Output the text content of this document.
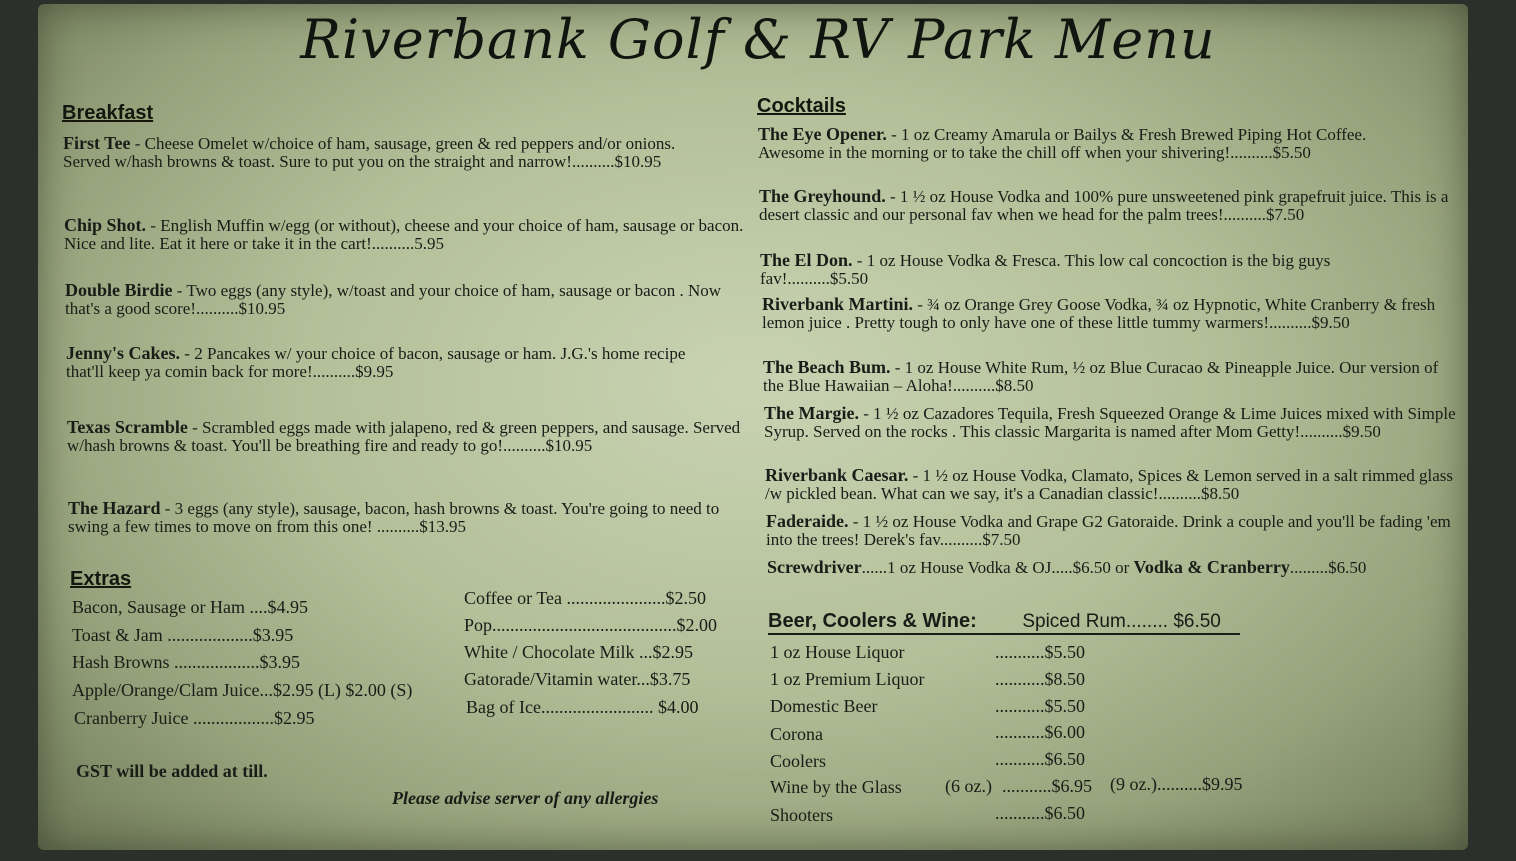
Riverbank Golf & RV Park Menu
Breakfast
First Tee - Cheese Omelet w/choice of ham, sausage, green & red peppers and/or onions. Served w/hash browns & toast. Sure to put you on the straight and narrow!..........$10.95
Chip Shot. - English Muffin w/egg (or without), cheese and your choice of ham, sausage or bacon. Nice and lite. Eat it here or take it in the cart!..........5.95
Double Birdie - Two eggs (any style), w/toast and your choice of ham, sausage or bacon . Now that's a good score!..........$10.95
Jenny's Cakes. - 2 Pancakes w/ your choice of bacon, sausage or ham. J.G.'s home recipe that'll keep ya comin back for more!..........$9.95
Texas Scramble - Scrambled eggs made with jalapeno, red & green peppers, and sausage. Served w/hash browns & toast. You'll be breathing fire and ready to go!..........$10.95
The Hazard - 3 eggs (any style), sausage, bacon, hash browns & toast. You're going to need to swing a few times to move on from this one! ..........$13.95
Extras
Bacon, Sausage or Ham ....$4.95
Toast & Jam ...................$3.95
Hash Browns ...................$3.95
Apple/Orange/Clam Juice...$2.95 (L) $2.00 (S)
Cranberry Juice ..................$2.95
Coffee or Tea ......................$2.50
Pop.........................................$2.00
White / Chocolate Milk ...$2.95
Gatorade/Vitamin water...$3.75
Bag of Ice......................... $4.00
GST will be added at till.
Please advise server of any allergies
Cocktails
The Eye Opener. - 1 oz Creamy Amarula or Bailys & Fresh Brewed Piping Hot Coffee. Awesome in the morning or to take the chill off when your shivering!..........$5.50
The Greyhound. - 1 ½ oz House Vodka and 100% pure unsweetened pink grapefruit juice. This is a desert classic and our personal fav when we head for the palm trees!..........$7.50
The El Don. - 1 oz House Vodka & Fresca. This low cal concoction is the big guys fav!..........$5.50
Riverbank Martini. - ¾ oz Orange Grey Goose Vodka, ¾ oz Hypnotic, White Cranberry & fresh lemon juice . Pretty tough to only have one of these little tummy warmers!..........$9.50
The Beach Bum. - 1 oz House White Rum, ½ oz Blue Curacao & Pineapple Juice. Our version of the Blue Hawaiian – Aloha!..........$8.50
The Margie. - 1 ½ oz Cazadores Tequila, Fresh Squeezed Orange & Lime Juices mixed with Simple Syrup. Served on the rocks . This classic Margarita is named after Mom Getty!..........$9.50
Riverbank Caesar. - 1 ½ oz House Vodka, Clamato, Spices & Lemon served in a salt rimmed glass /w pickled bean. What can we say, it's a Canadian classic!..........$8.50
Faderaide. - 1 ½ oz House Vodka and Grape G2 Gatoraide. Drink a couple and you'll be fading 'em into the trees! Derek's fav..........$7.50
Screwdriver......1 oz House Vodka & OJ.....$6.50 or Vodka & Cranberry.........$6.50
Beer, Coolers & Wine: Spiced Rum........ $6.50
1 oz House Liquor	...........$5.50
1 oz Premium Liquor	...........$8.50
Domestic Beer	...........$5.50
Corona	...........$6.00
Coolers	...........$6.50
Wine by the Glass (6 oz.) ...........$6.95 (9 oz.)..........$9.95
Shooters	...........$6.50
